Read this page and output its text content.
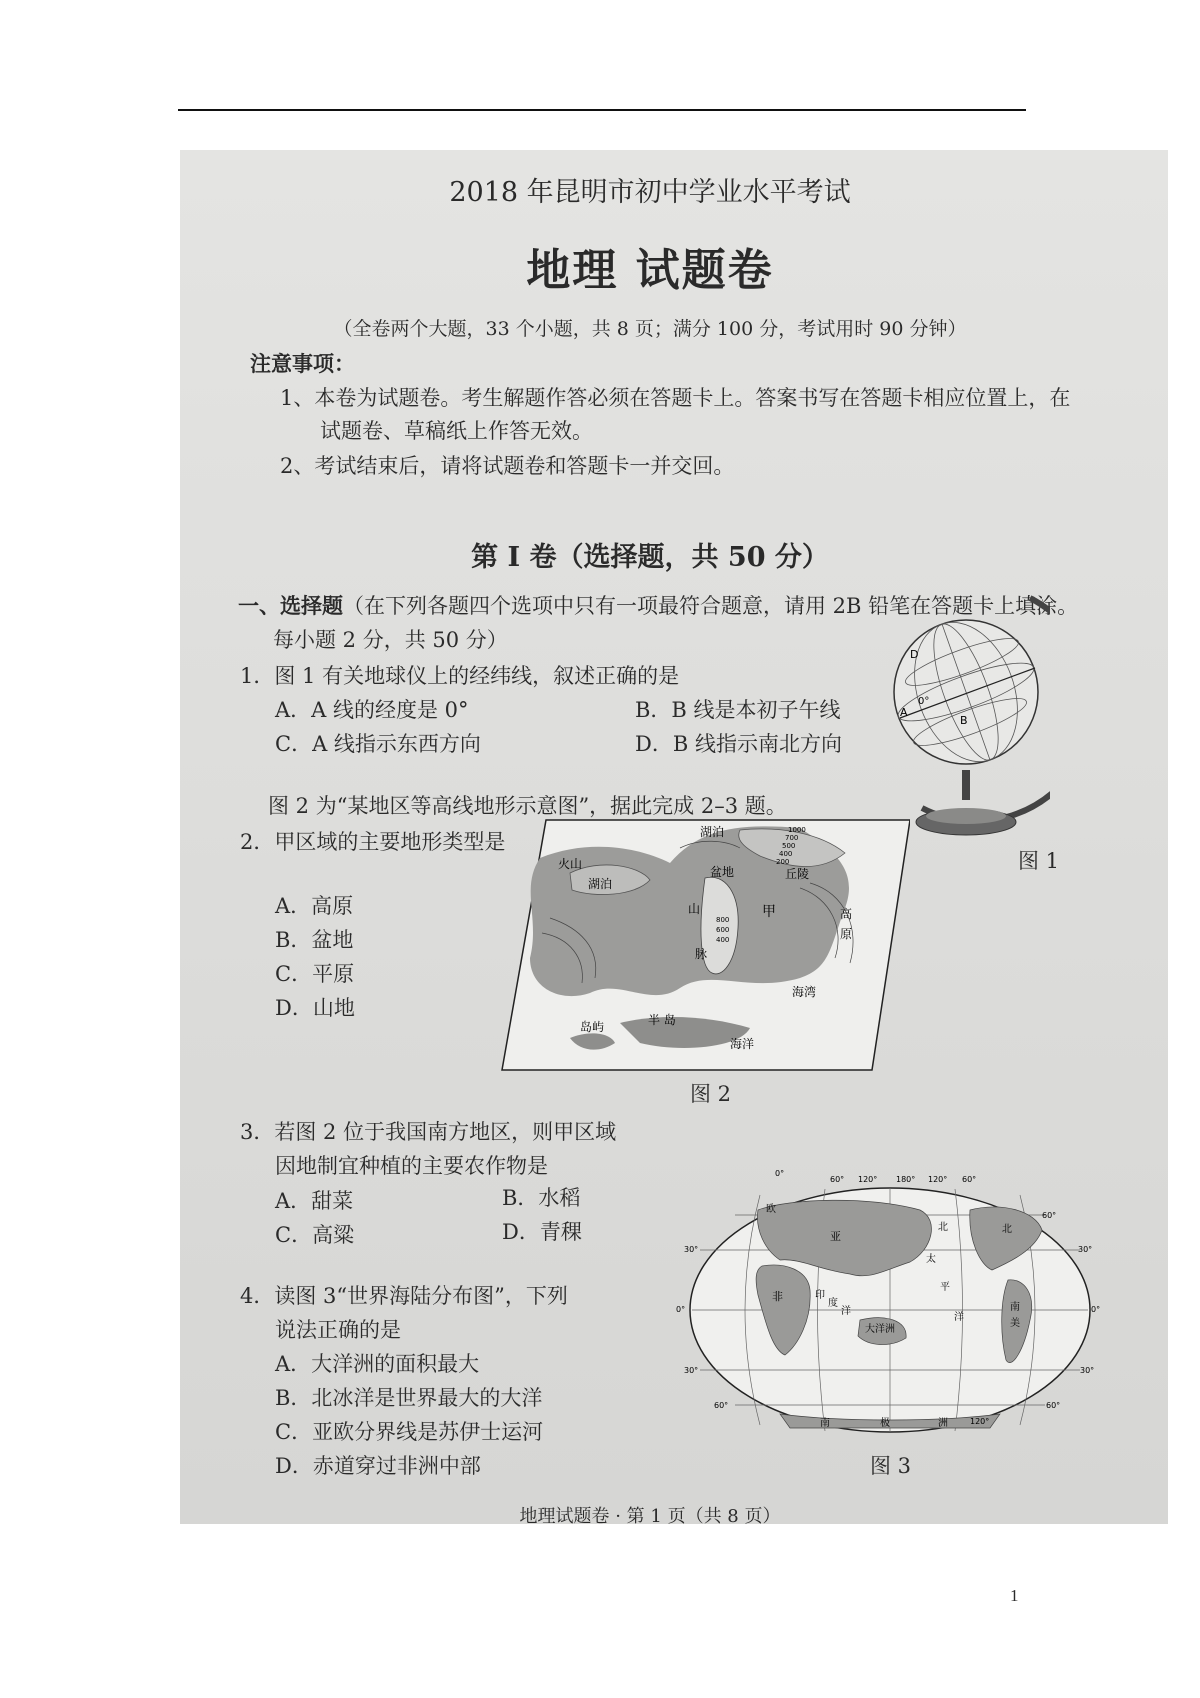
2018 年昆明市初中学业水平考试
地理 试题卷
（全卷两个大题，33 个小题，共 8 页；满分 100 分，考试用时 90 分钟）
注意事项：
1、本卷为试题卷。考生解题作答必须在答题卡上。答案书写在答题卡相应位置上，在
试题卷、草稿纸上作答无效。
2、考试结束后，请将试题卷和答题卡一并交回。
第 I 卷（选择题，共 50 分）
一、选择题（在下列各题四个选项中只有一项最符合题意，请用 2B 铅笔在答题卡上填涂。
每小题 2 分，共 50 分）
1．图 1 有关地球仪上的经纬线，叙述正确的是
A．A 线的经度是 0°	B．B 线是本初子午线
C．A 线指示东西方向	D．B 线指示南北方向
D
0°
A
B
图 1
图 2 为“某地区等高线地形示意图”，据此完成 2–3 题。
2．甲区域的主要地形类型是
A．高原
B．盆地
C．平原
D．山地
湖泊	1000
700
500
400
200
火山
湖泊
盆地	丘陵
山
800
600
400
脉
甲	高
原
海湾
半 岛
岛屿
海洋
图 2
3．若图 2 位于我国南方地区，则甲区域
因地制宜种植的主要农作物是
A．甜菜	B．水稻
C．高粱	D．青稞
4．读图 3“世界海陆分布图”，下列
说法正确的是
A．大洋洲的面积最大
B．北冰洋是世界最大的大洋
C．亚欧分界线是苏伊士运河
D．赤道穿过非洲中部
0°
60° 120° 180° 120° 60°
60°
30°
0°
30°
60°
30°
0°
30°
60°
南	极	洲	120°
欧
亚
非
大洋洲
印
度
洋
太
平
洋
北	北
南
美
图 3
地理试题卷 · 第 1 页（共 8 页）
1
